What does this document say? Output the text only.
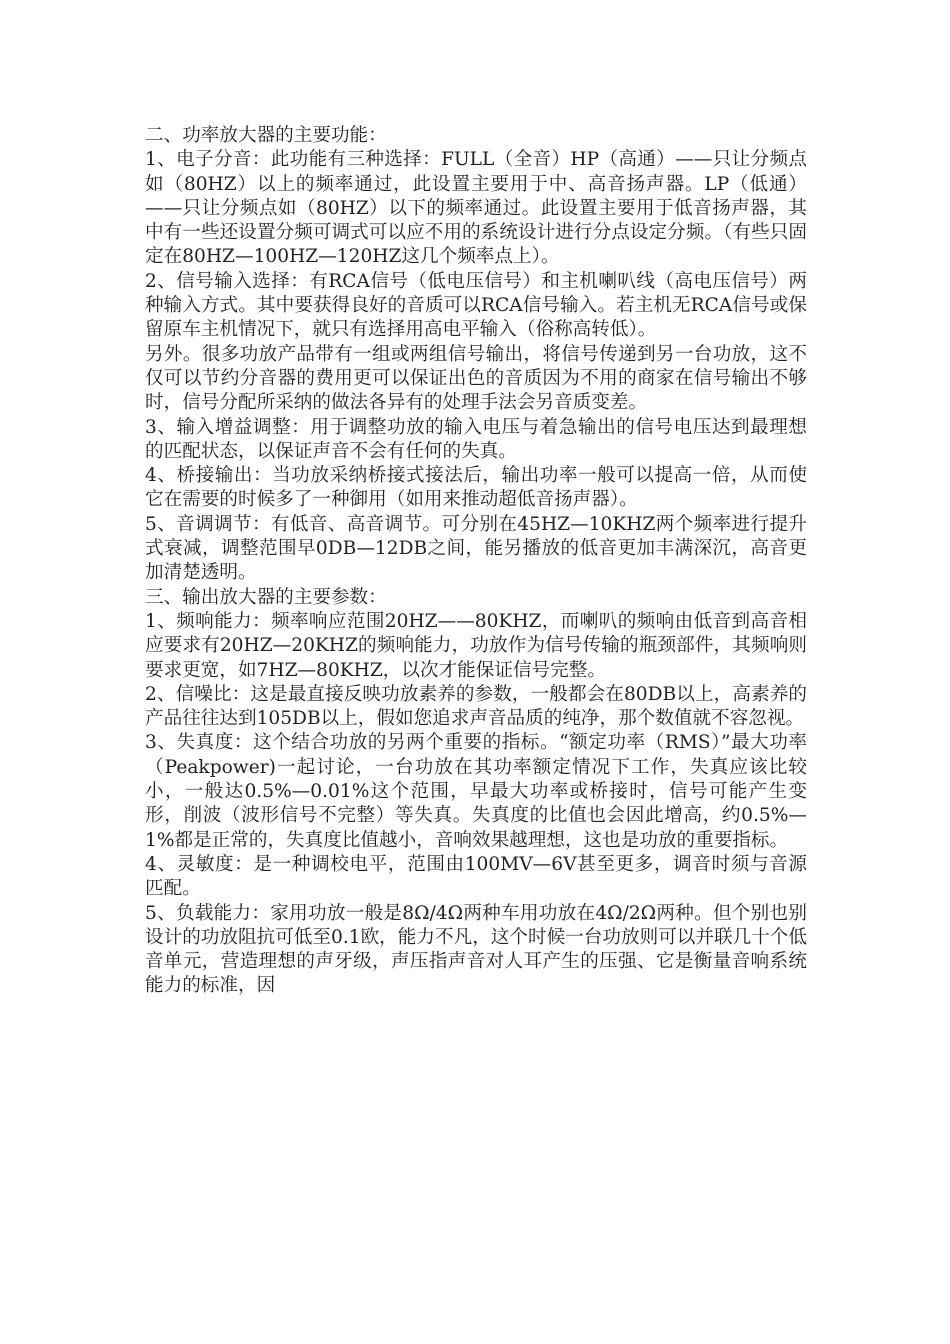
二、功率放大器的主要功能：

1、电子分音：此功能有三种选择：FULL（全音）HP（高通）——只让分频点如（80HZ）以上的频率通过，此设置主要用于中、高音扬声器。LP（低通）——只让分频点如（80HZ）以下的频率通过。此设置主要用于低音扬声器，其中有一些还设置分频可调式可以应不用的系统设计进行分点设定分频。（有些只固定在80HZ—100HZ—120HZ这几个频率点上）。

2、信号输入选择：有RCA信号（低电压信号）和主机喇叭线（高电压信号）两种输入方式。其中要获得良好的音质可以RCA信号输入。若主机无RCA信号或保留原车主机情况下，就只有选择用高电平输入（俗称高转低）。

另外。很多功放产品带有一组或两组信号输出，将信号传递到另一台功放，这不仅可以节约分音器的费用更可以保证出色的音质因为不用的商家在信号输出不够时，信号分配所采纳的做法各异有的处理手法会另音质变差。

3、输入增益调整：用于调整功放的输入电压与着急输出的信号电压达到最理想的匹配状态，以保证声音不会有任何的失真。

4、桥接输出：当功放采纳桥接式接法后，输出功率一般可以提高一倍，从而使它在需要的时候多了一种御用（如用来推动超低音扬声器）。

5、音调调节：有低音、高音调节。可分别在45HZ—10KHZ两个频率进行提升式衰减，调整范围早0DB—12DB之间，能另播放的低音更加丰满深沉，高音更加清楚透明。

三、输出放大器的主要参数：

1、频响能力：频率响应范围20HZ——80KHZ，而喇叭的频响由低音到高音相应要求有20HZ—20KHZ的频响能力，功放作为信号传输的瓶颈部件，其频响则要求更宽，如7HZ—80KHZ，以次才能保证信号完整。

2、信噪比：这是最直接反映功放素养的参数，一般都会在80DB以上，高素养的产品往往达到105DB以上，假如您追求声音品质的纯净，那个数值就不容忽视。

3、失真度：这个结合功放的另两个重要的指标。“额定功率（RMS）”最大功率（Peakpower)一起讨论，一台功放在其功率额定情况下工作，失真应该比较小，一般达0.5%—0.01%这个范围，早最大功率或桥接时，信号可能产生变形，削波（波形信号不完整）等失真。失真度的比值也会因此增高，约0.5%—1%都是正常的，失真度比值越小，音响效果越理想，这也是功放的重要指标。

4、灵敏度：是一种调校电平，范围由100MV—6V甚至更多，调音时须与音源匹配。

5、负载能力：家用功放一般是8Ω/4Ω两种车用功放在4Ω/2Ω两种。但个别也别设计的功放阻抗可低至0.1欧，能力不凡，这个时候一台功放则可以并联几十个低音单元，营造理想的声牙级，声压指声音对人耳产生的压强、它是衡量音响系统能力的标准，因
